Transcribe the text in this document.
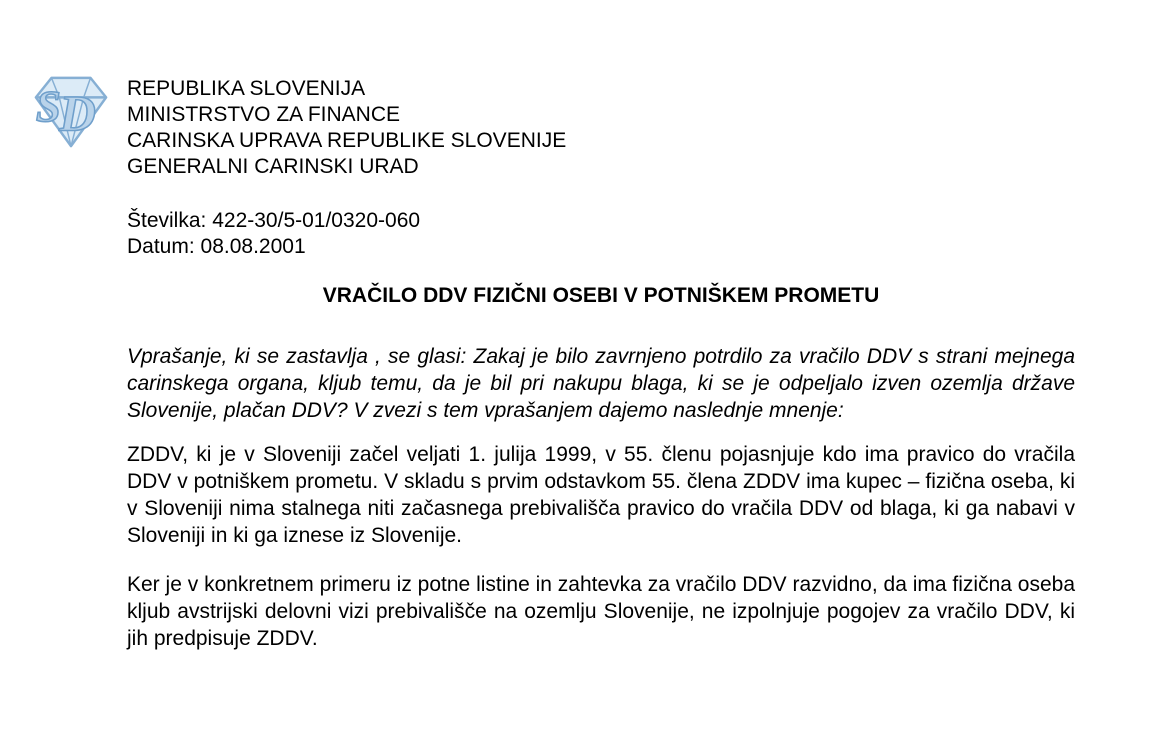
S
D REPUBLIKA SLOVENIJA
MINISTRSTVO ZA FINANCE
CARINSKA UPRAVA REPUBLIKE SLOVENIJE
GENERALNI CARINSKI URAD
Številka: 422-30/5-01/0320-060
Datum: 08.08.2001
VRAČILO DDV FIZIČNI OSEBI V POTNIŠKEM PROMETU
Vprašanje, ki se zastavlja , se glasi: Zakaj je bilo zavrnjeno potrdilo za vračilo DDV s strani mejnega carinskega organa, kljub temu, da je bil pri nakupu blaga, ki se je odpeljalo izven ozemlja države Slovenije, plačan DDV? V zvezi s tem vprašanjem dajemo naslednje mnenje:
ZDDV, ki je v Sloveniji začel veljati 1. julija 1999, v 55. členu pojasnjuje kdo ima pravico do vračila DDV v potniškem prometu. V skladu s prvim odstavkom 55. člena ZDDV ima kupec – fizična oseba, ki v Sloveniji nima stalnega niti začasnega prebivališča pravico do vračila DDV od blaga, ki ga nabavi v Sloveniji in ki ga iznese iz Slovenije.
Ker je v konkretnem primeru iz potne listine in zahtevka za vračilo DDV razvidno, da ima fizična oseba kljub avstrijski delovni vizi prebivališče na ozemlju Slovenije, ne izpolnjuje pogojev za vračilo DDV, ki jih predpisuje ZDDV.
